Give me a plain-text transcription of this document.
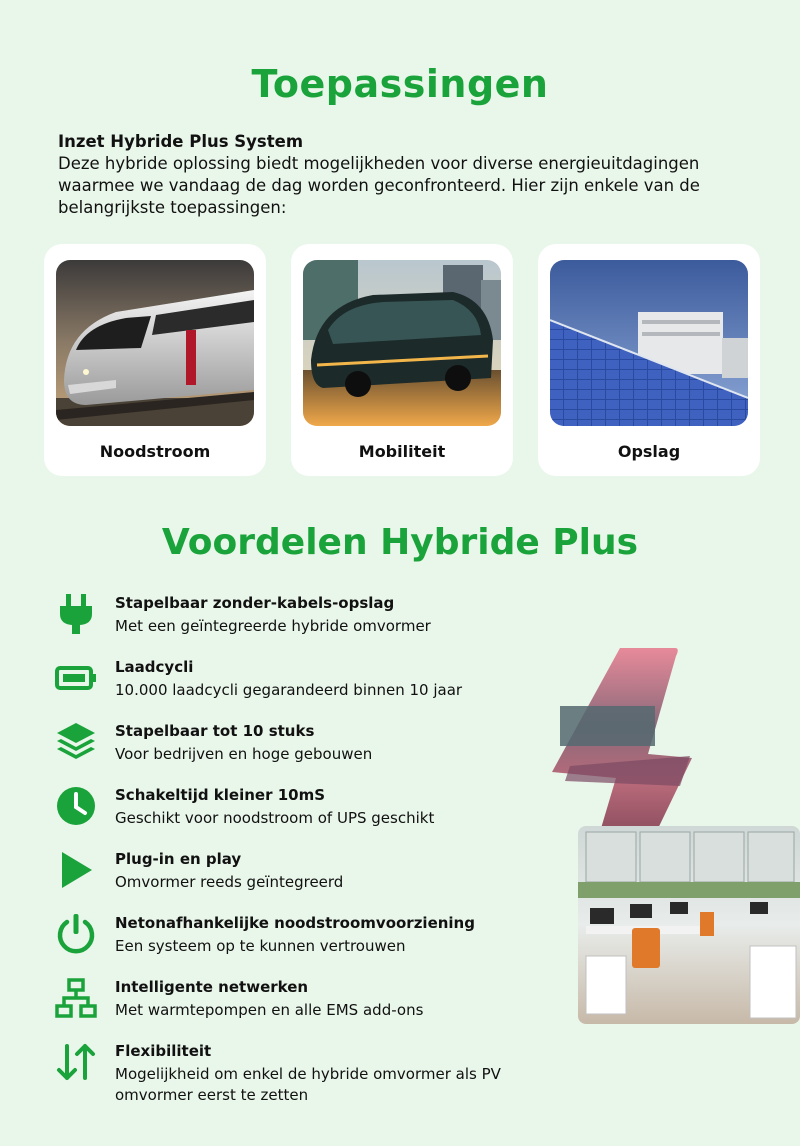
Toepassingen
Inzet Hybride Plus System
Deze hybride oplossing biedt mogelijkheden voor diverse energieuitdagingen waarmee we vandaag de dag worden geconfronteerd. Hier zijn enkele van de belangrijkste toepassingen:
Noodstroom	Mobiliteit	Opslag
Voordelen Hybride Plus
Stapelbaar zonder-kabels-opslag
Met een geïntegreerde hybride omvormer
Laadcycli
10.000 laadcycli gegarandeerd binnen 10 jaar
Stapelbaar tot 10 stuks
Voor bedrijven en hoge gebouwen
Schakeltijd kleiner 10mS
Geschikt voor noodstroom of UPS geschikt
Plug-in en play
Omvormer reeds geïntegreerd
Netonafhankelijke noodstroomvoorziening
Een systeem op te kunnen vertrouwen
Intelligente netwerken
Met warmtepompen en alle EMS add-ons
Flexibiliteit
Mogelijkheid om enkel de hybride omvormer als PV omvormer eerst te zetten
